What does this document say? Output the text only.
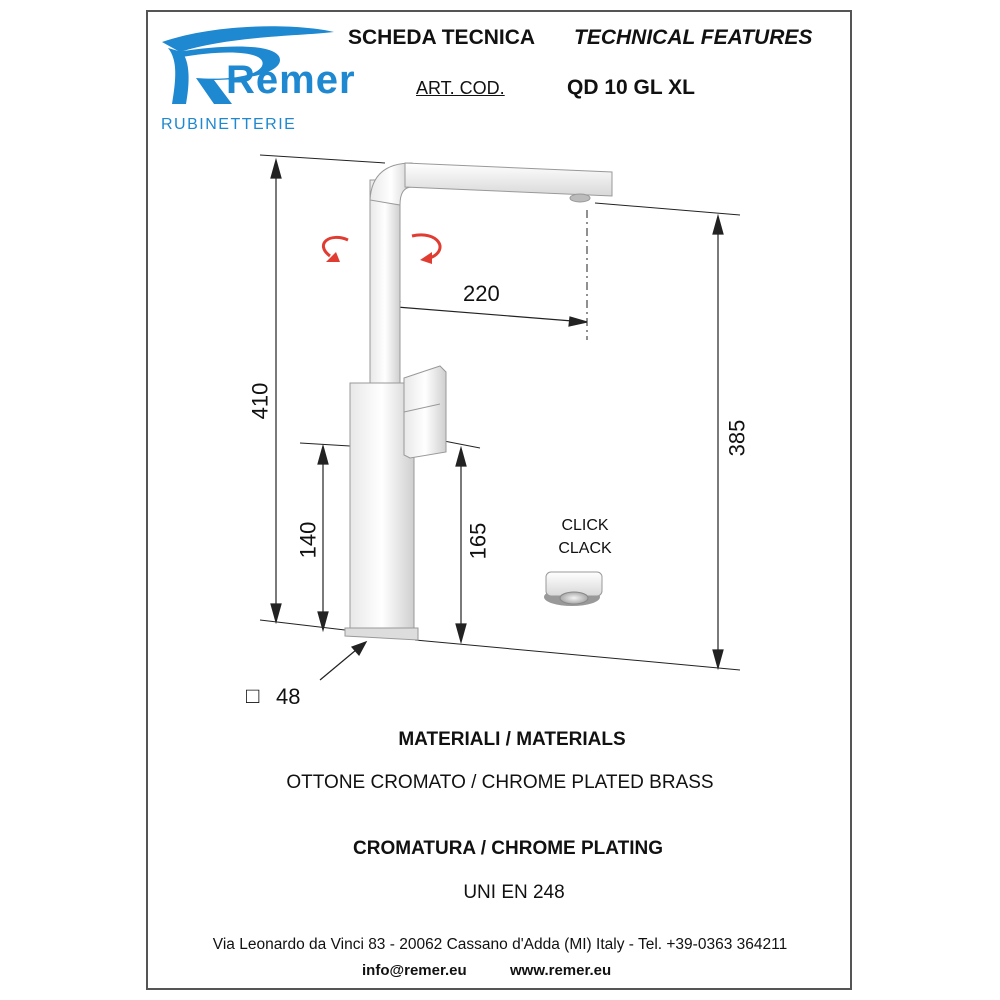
Remer
RUBINETTERIE
SCHEDA TECNICA TECHNICAL FEATURES
ART. COD.	QD 10 GL XL
220
410
385
140	165
□ 48
CLICK
CLACK
MATERIALI / MATERIALS
OTTONE CROMATO / CHROME PLATED BRASS
CROMATURA / CHROME PLATING
UNI EN 248
Via Leonardo da Vinci 83 - 20062 Cassano d'Adda (MI) Italy - Tel. +39-0363 364211
info@remer.eu	www.remer.eu
